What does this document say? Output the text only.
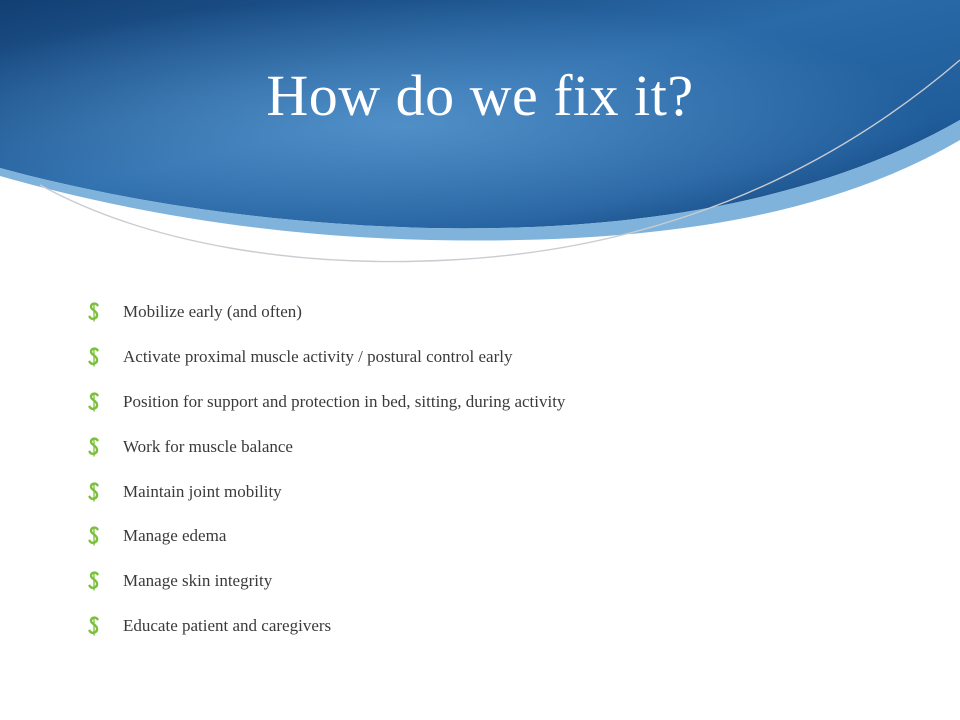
How do we fix it?
Mobilize early (and often)
Activate proximal muscle activity / postural control early
Position for support and protection in bed, sitting, during activity
Work for muscle balance
Maintain joint mobility
Manage edema
Manage skin integrity
Educate patient and caregivers
